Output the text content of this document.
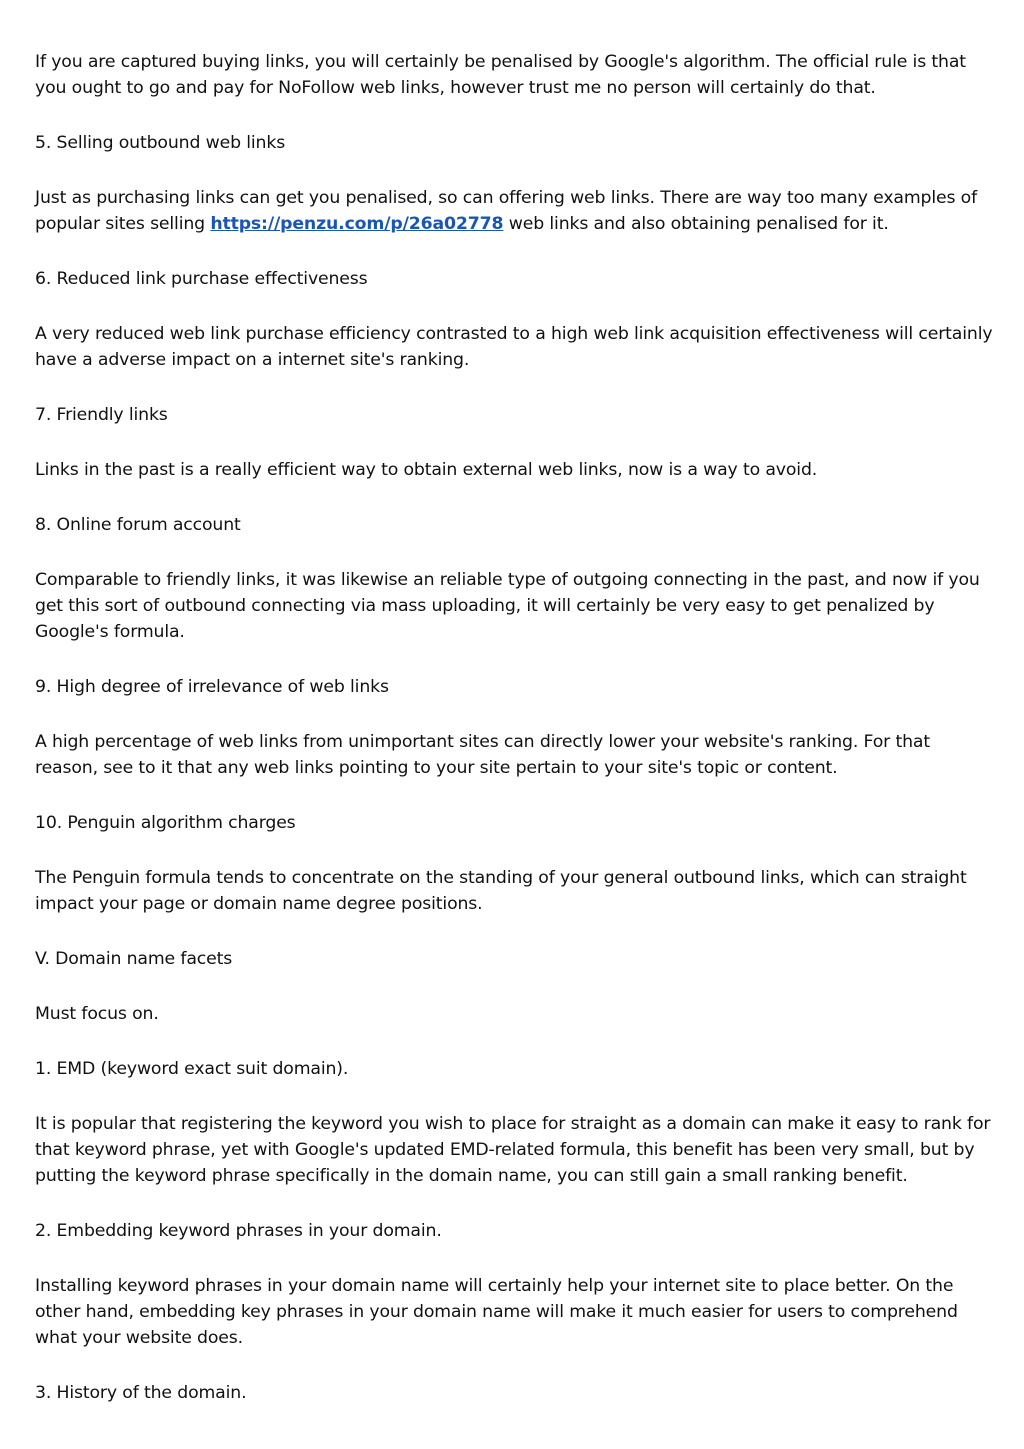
If you are captured buying links, you will certainly be penalised by Google's algorithm. The official rule is that you ought to go and pay for NoFollow web links, however trust me no person will certainly do that.

5. Selling outbound web links

Just as purchasing links can get you penalised, so can offering web links. There are way too many examples of popular sites selling https://penzu.com/p/26a02778 web links and also obtaining penalised for it.

6. Reduced link purchase effectiveness

A very reduced web link purchase efficiency contrasted to a high web link acquisition effectiveness will certainly have a adverse impact on a internet site's ranking.

7. Friendly links

Links in the past is a really efficient way to obtain external web links, now is a way to avoid.

8. Online forum account

Comparable to friendly links, it was likewise an reliable type of outgoing connecting in the past, and now if you get this sort of outbound connecting via mass uploading, it will certainly be very easy to get penalized by Google's formula.

9. High degree of irrelevance of web links

A high percentage of web links from unimportant sites can directly lower your website's ranking. For that reason, see to it that any web links pointing to your site pertain to your site's topic or content.

10. Penguin algorithm charges

The Penguin formula tends to concentrate on the standing of your general outbound links, which can straight impact your page or domain name degree positions.

V. Domain name facets

Must focus on.

1. EMD (keyword exact suit domain).

It is popular that registering the keyword you wish to place for straight as a domain can make it easy to rank for that keyword phrase, yet with Google's updated EMD-related formula, this benefit has been very small, but by putting the keyword phrase specifically in the domain name, you can still gain a small ranking benefit.

2. Embedding keyword phrases in your domain.

Installing keyword phrases in your domain name will certainly help your internet site to place better. On the other hand, embedding key phrases in your domain name will make it much easier for users to comprehend what your website does.

3. History of the domain.
